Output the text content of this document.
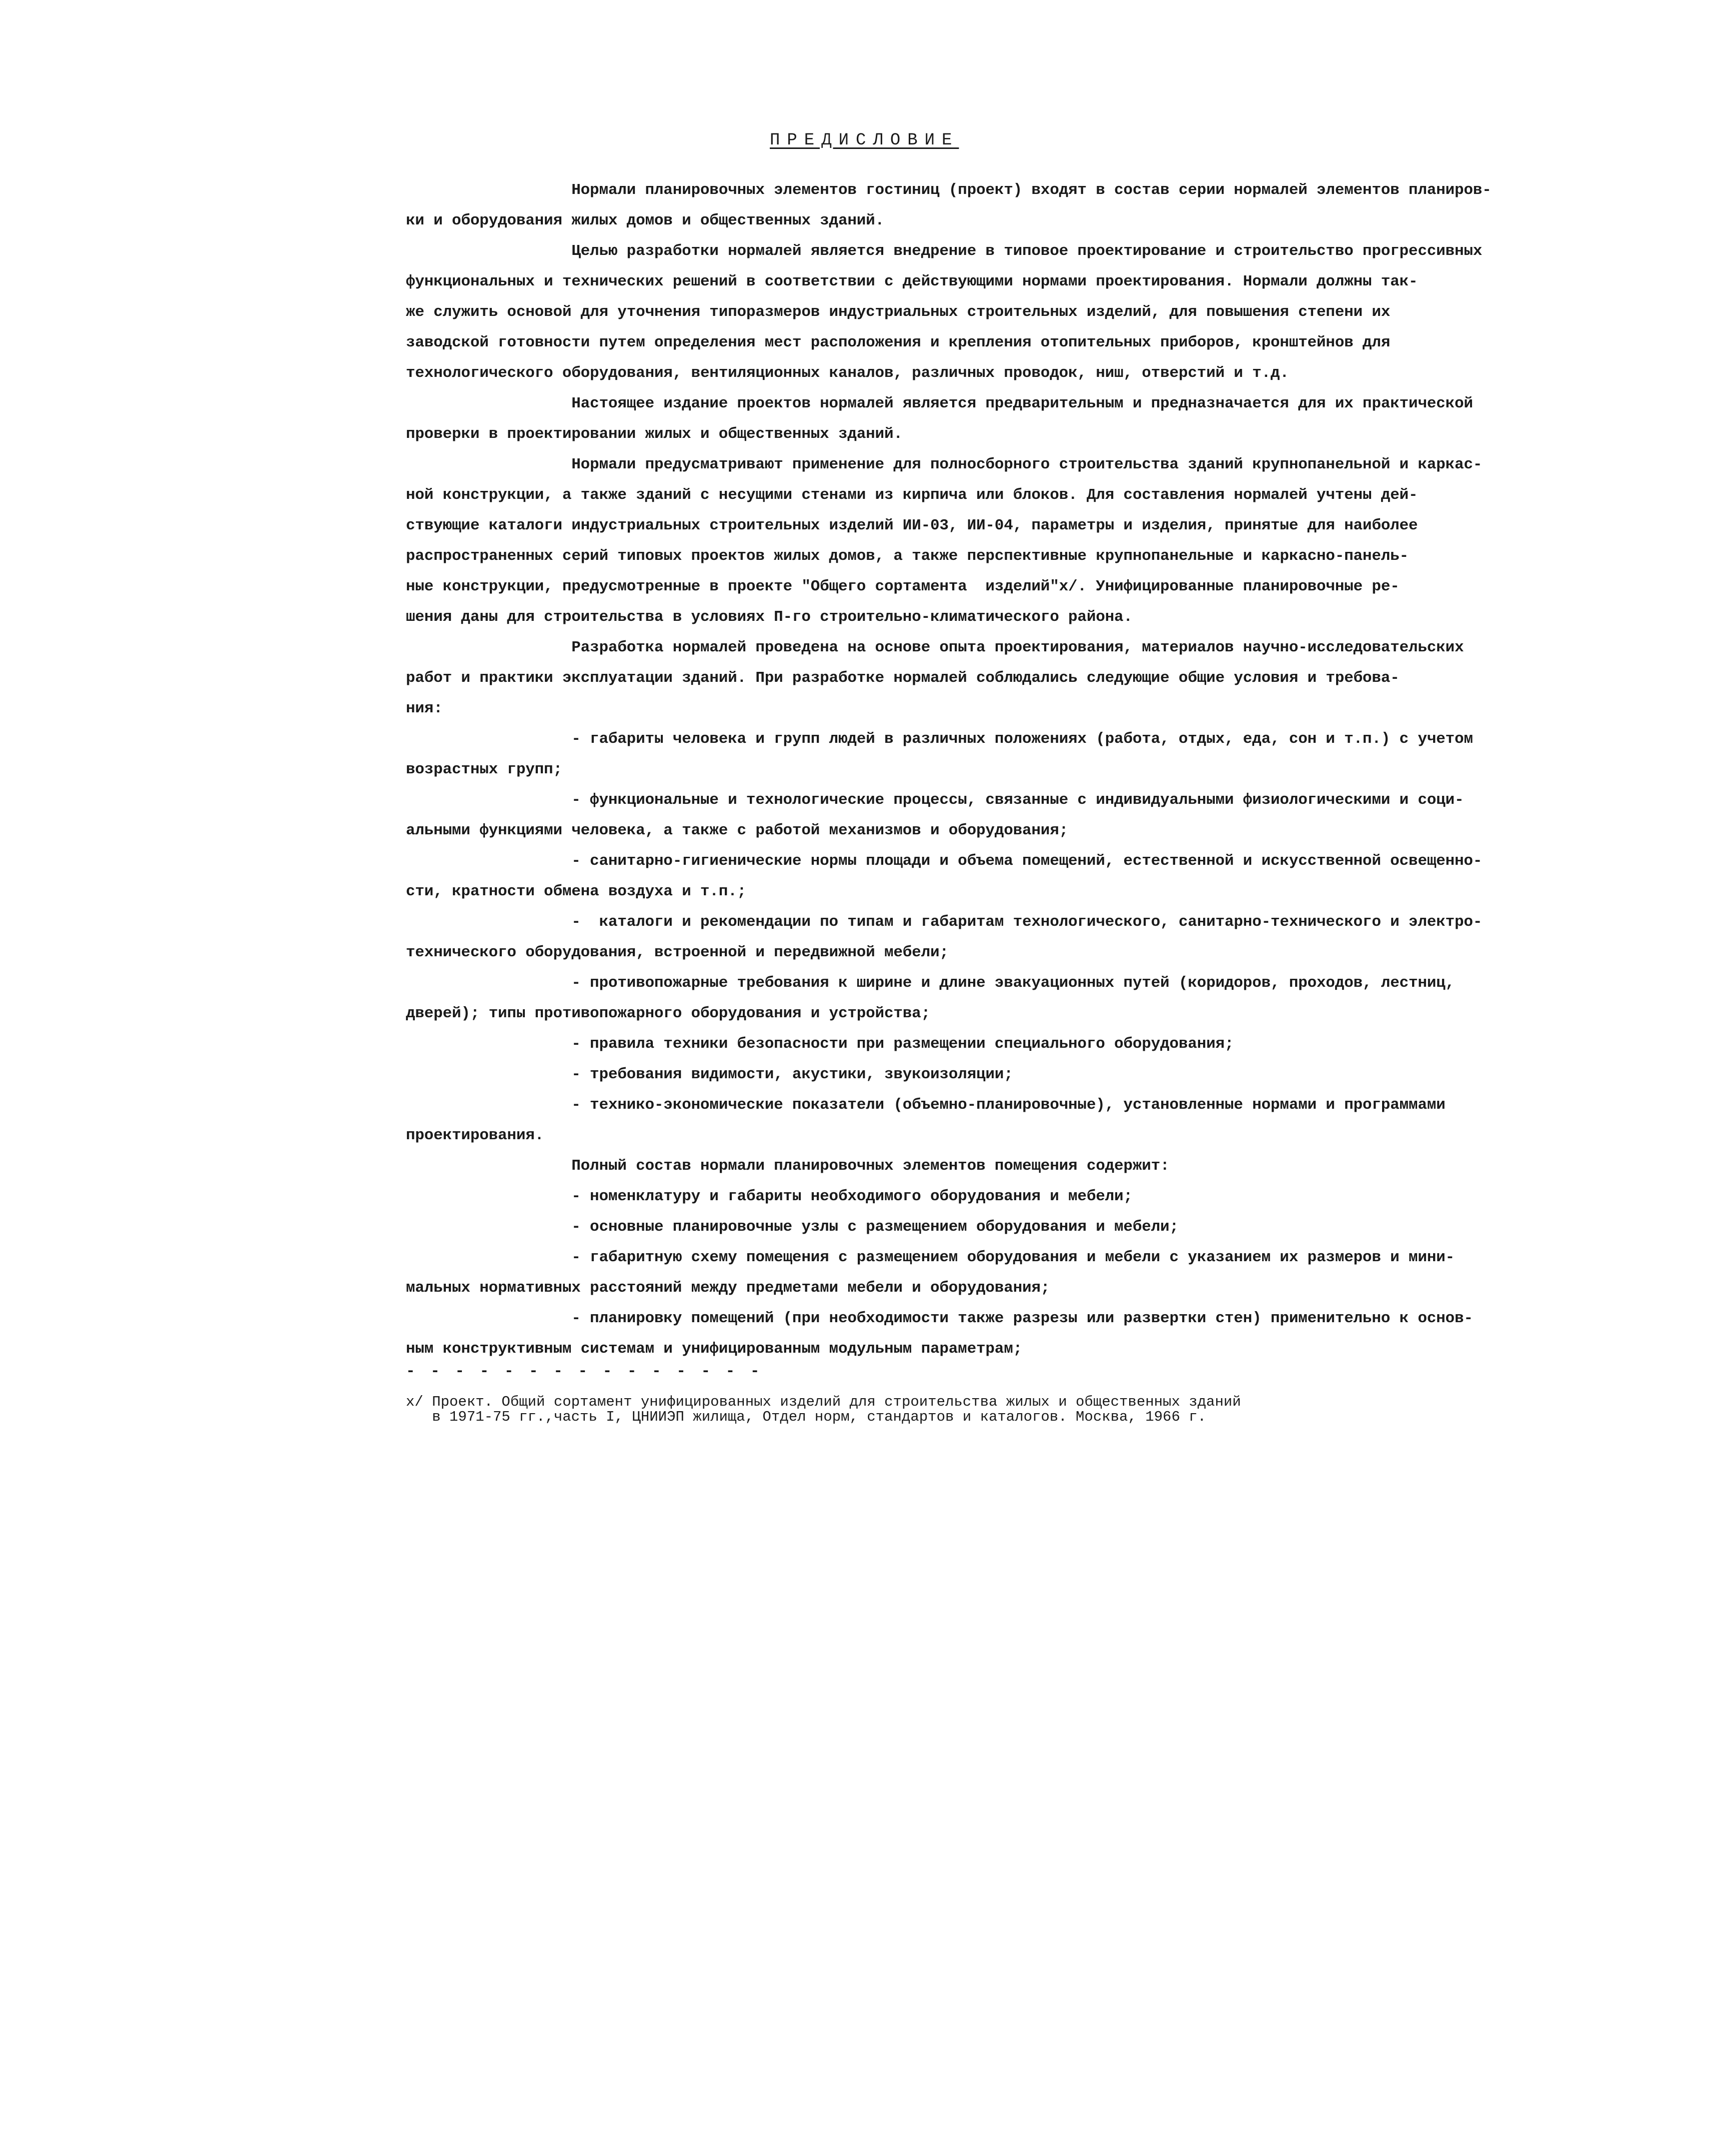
ПРЕДИСЛОВИЕ
Нормали планировочных элементов гостиниц (проект) входят в состав серии нормалей элементов планиров-
ки и оборудования жилых домов и общественных зданий.
Целью разработки нормалей является внедрение в типовое проектирование и строительство прогрессивных
функциональных и технических решений в соответствии с действующими нормами проектирования. Нормали должны так-
же служить основой для уточнения типоразмеров индустриальных строительных изделий, для повышения степени их
заводской готовности путем определения мест расположения и крепления отопительных приборов, кронштейнов для
технологического оборудования, вентиляционных каналов, различных проводок, ниш, отверстий и т.д.
Настоящее издание проектов нормалей является предварительным и предназначается для их практической
проверки в проектировании жилых и общественных зданий.
Нормали предусматривают применение для полносборного строительства зданий крупнопанельной и каркас-
ной конструкции, а также зданий с несущими стенами из кирпича или блоков. Для составления нормалей учтены дей-
ствующие каталоги индустриальных строительных изделий ИИ-03, ИИ-04, параметры и изделия, принятые для наиболее
распространенных серий типовых проектов жилых домов, а также перспективные крупнопанельные и каркасно-панель-
ные конструкции, предусмотренные в проекте "Общего сортамента  изделий"х/. Унифицированные планировочные ре-
шения даны для строительства в условиях П-го строительно-климатического района.
Разработка нормалей проведена на основе опыта проектирования, материалов научно-исследовательских
работ и практики эксплуатации зданий. При разработке нормалей соблюдались следующие общие условия и требова-
ния:
- габариты человека и групп людей в различных положениях (работа, отдых, еда, сон и т.п.) с учетом
возрастных групп;
- функциональные и технологические процессы, связанные с индивидуальными физиологическими и соци-
альными функциями человека, а также с работой механизмов и оборудования;
- санитарно-гигиенические нормы площади и объема помещений, естественной и искусственной освещенно-
сти, кратности обмена воздуха и т.п.;
-  каталоги и рекомендации по типам и габаритам технологического, санитарно-технического и электро-
технического оборудования, встроенной и передвижной мебели;
- противопожарные требования к ширине и длине эвакуационных путей (коридоров, проходов, лестниц,
дверей); типы противопожарного оборудования и устройства;
- правила техники безопасности при размещении специального оборудования;
- требования видимости, акустики, звукоизоляции;
- технико-экономические показатели (объемно-планировочные), установленные нормами и программами
проектирования.
Полный состав нормали планировочных элементов помещения содержит:
- номенклатуру и габариты необходимого оборудования и мебели;
- основные планировочные узлы с размещением оборудования и мебели;
- габаритную схему помещения с размещением оборудования и мебели с указанием их размеров и мини-
мальных нормативных расстояний между предметами мебели и оборудования;
- планировку помещений (при необходимости также разрезы или развертки стен) применительно к основ-
ным конструктивным системам и унифицированным модульным параметрам;
- - - - - - - - - - - - - - -
х/ Проект. Общий сортамент унифицированных изделий для строительства жилых и общественных зданий
в 1971-75 гг.,часть I, ЦНИИЭП жилища, Отдел норм, стандартов и каталогов. Москва, 1966 г.
